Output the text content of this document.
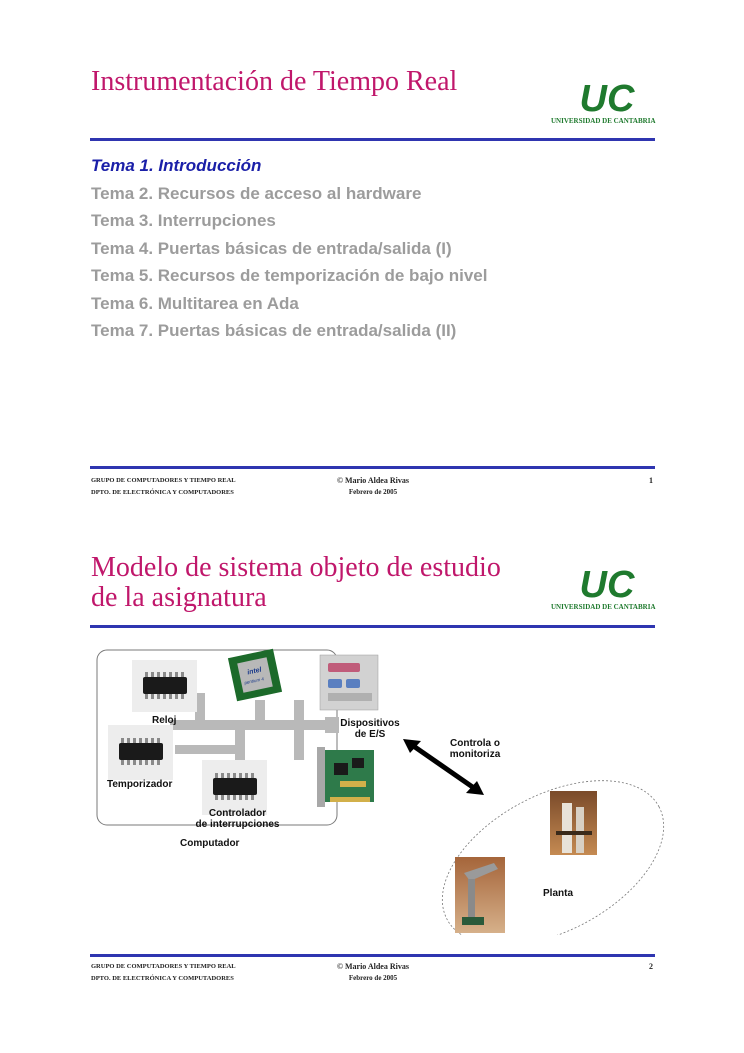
Instrumentación de Tiempo Real	UC
UNIVERSIDAD DE CANTABRIA
Tema 1. Introducción
Tema 2. Recursos de acceso al hardware
Tema 3. Interrupciones
Tema 4. Puertas básicas de entrada/salida (I)
Tema 5. Recursos de temporización de bajo nivel
Tema 6. Multitarea en Ada
Tema 7. Puertas básicas de entrada/salida (II)
GRUPO DE COMPUTADORES Y TIEMPO REAL
DPTO. DE ELECTRÓNICA Y COMPUTADORES
© Mario Aldea Rivas
Febrero de 2005
1
Modelo de sistema objeto de estudio
de la asignatura	UC
UNIVERSIDAD DE CANTABRIA
intel
pentium 4
Reloj
Temporizador
Controlador
de interrupciones
Computador
Dispositivos
de E/S
Controla o
monitoriza
Planta
GRUPO DE COMPUTADORES Y TIEMPO REAL
DPTO. DE ELECTRÓNICA Y COMPUTADORES
© Mario Aldea Rivas
Febrero de 2005
2
